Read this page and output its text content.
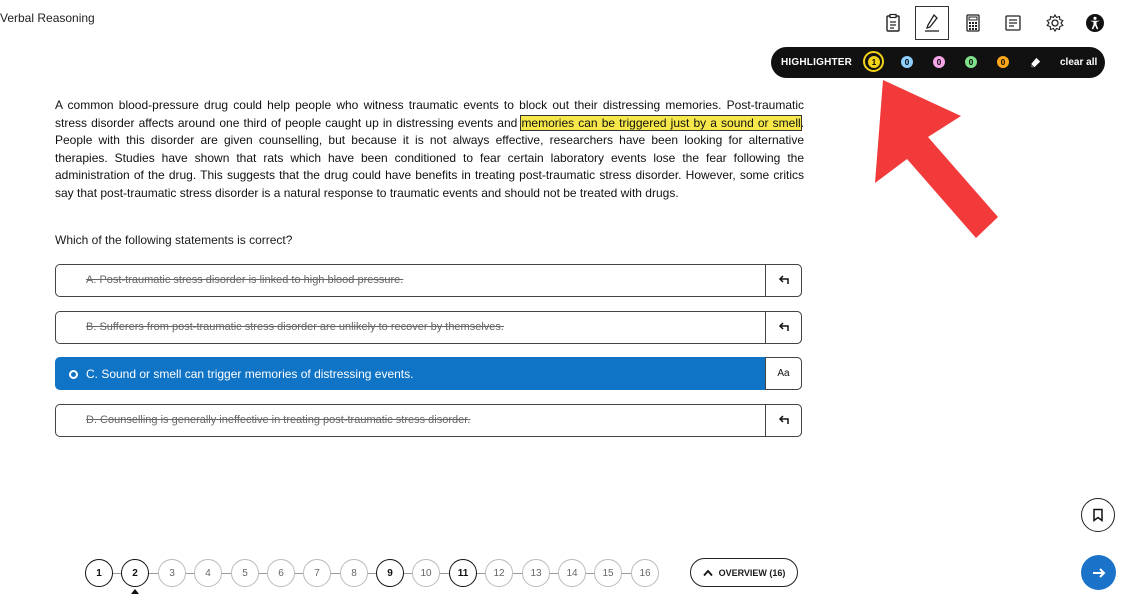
Verbal Reasoning
HIGHLIGHTER	1	0	0	0	0	clear all
A common blood-pressure drug could help people who witness traumatic events to block out their distressing memories. Post-traumatic stress disorder affects around one third of people caught up in distressing events and memories can be triggered just by a sound or smell. People with this disorder are given counselling, but because it is not always effective, researchers have been looking for alternative therapies. Studies have shown that rats which have been conditioned to fear certain laboratory events lose the fear following the administration of the drug. This suggests that the drug could have benefits in treating post-traumatic stress disorder. However, some critics say that post-traumatic stress disorder is a natural response to traumatic events and should not be treated with drugs.
Which of the following statements is correct?
A. Post-traumatic stress disorder is linked to high blood pressure.
B. Sufferers from post-traumatic stress disorder are unlikely to recover by themselves.
C. Sound or smell can trigger memories of distressing events.	Aa
D. Counselling is generally ineffective in treating post-traumatic stress disorder.
1	2	3	4	5	6	7	8	9	10	11	12	13	14	15	16	OVERVIEW (16)
